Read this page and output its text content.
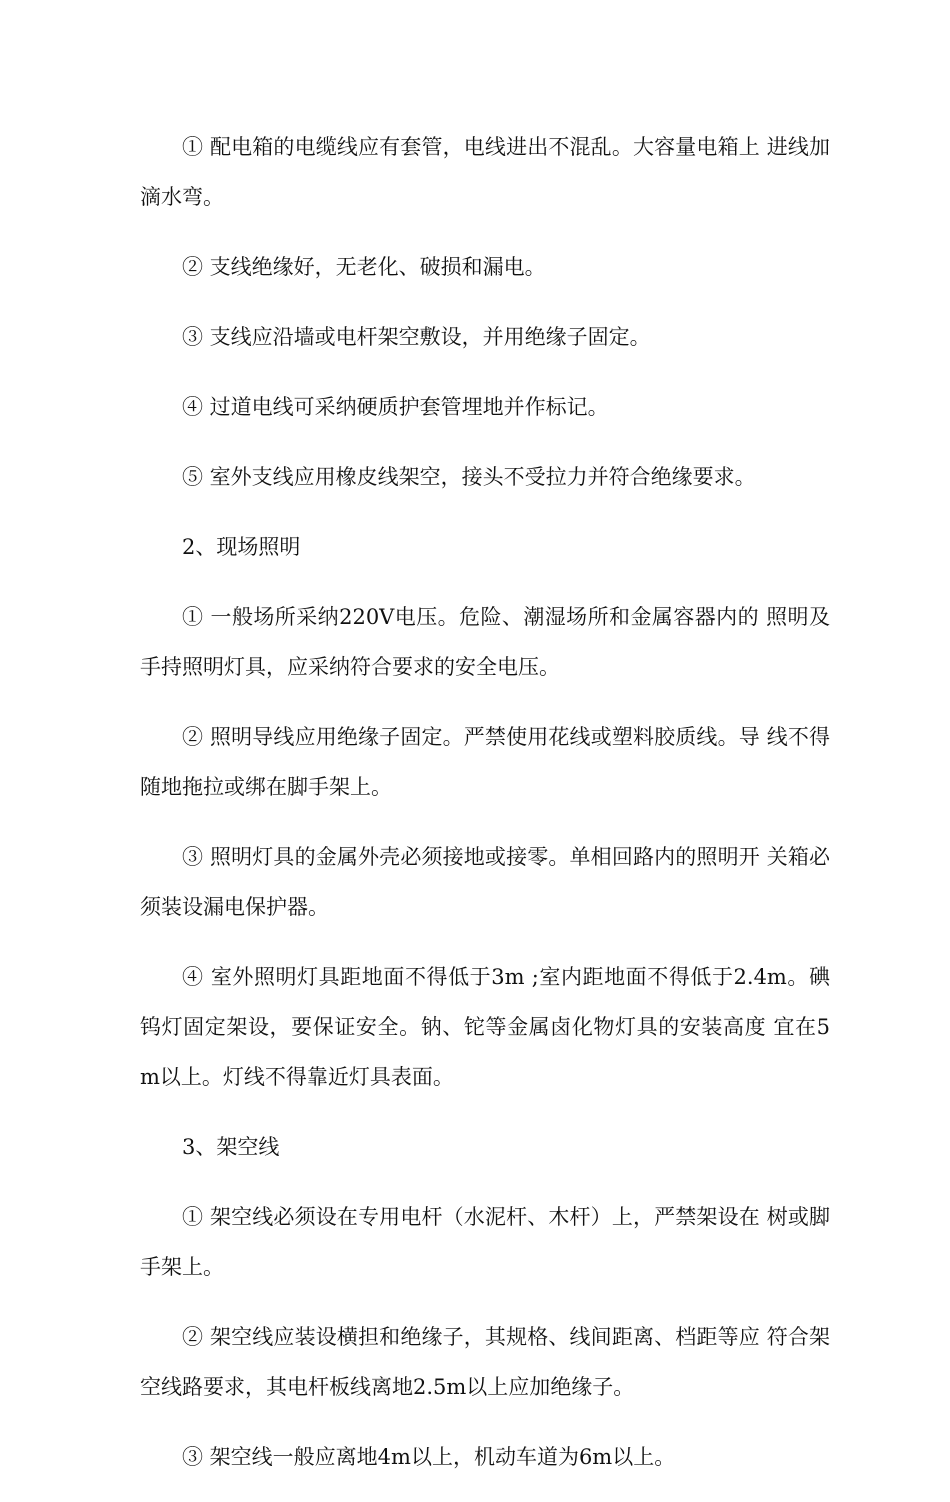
① 配电箱的电缆线应有套管，电线进出不混乱。大容量电箱上 进线加滴水弯。

② 支线绝缘好，无老化、破损和漏电。

③ 支线应沿墙或电杆架空敷设，并用绝缘子固定。

④ 过道电线可采纳硬质护套管埋地并作标记。

⑤ 室外支线应用橡皮线架空，接头不受拉力并符合绝缘要求。

2、现场照明

① 一般场所采纳220V电压。危险、潮湿场所和金属容器内的 照明及手持照明灯具，应采纳符合要求的安全电压。

② 照明导线应用绝缘子固定。严禁使用花线或塑料胶质线。导 线不得随地拖拉或绑在脚手架上。

③ 照明灯具的金属外壳必须接地或接零。单相回路内的照明开 关箱必须装设漏电保护器。

④ 室外照明灯具距地面不得低于3m ;室内距地面不得低于2.4m。碘钨灯固定架设，要保证安全。钠、铊等金属卤化物灯具的安装高度 宜在5m以上。灯线不得靠近灯具表面。

3、架空线

① 架空线必须设在专用电杆（水泥杆、木杆）上，严禁架设在 树或脚手架上。

② 架空线应装设横担和绝缘子，其规格、线间距离、档距等应 符合架空线路要求，其电杆板线离地2.5m以上应加绝缘子。

③ 架空线一般应离地4m以上，机动车道为6m以上。
